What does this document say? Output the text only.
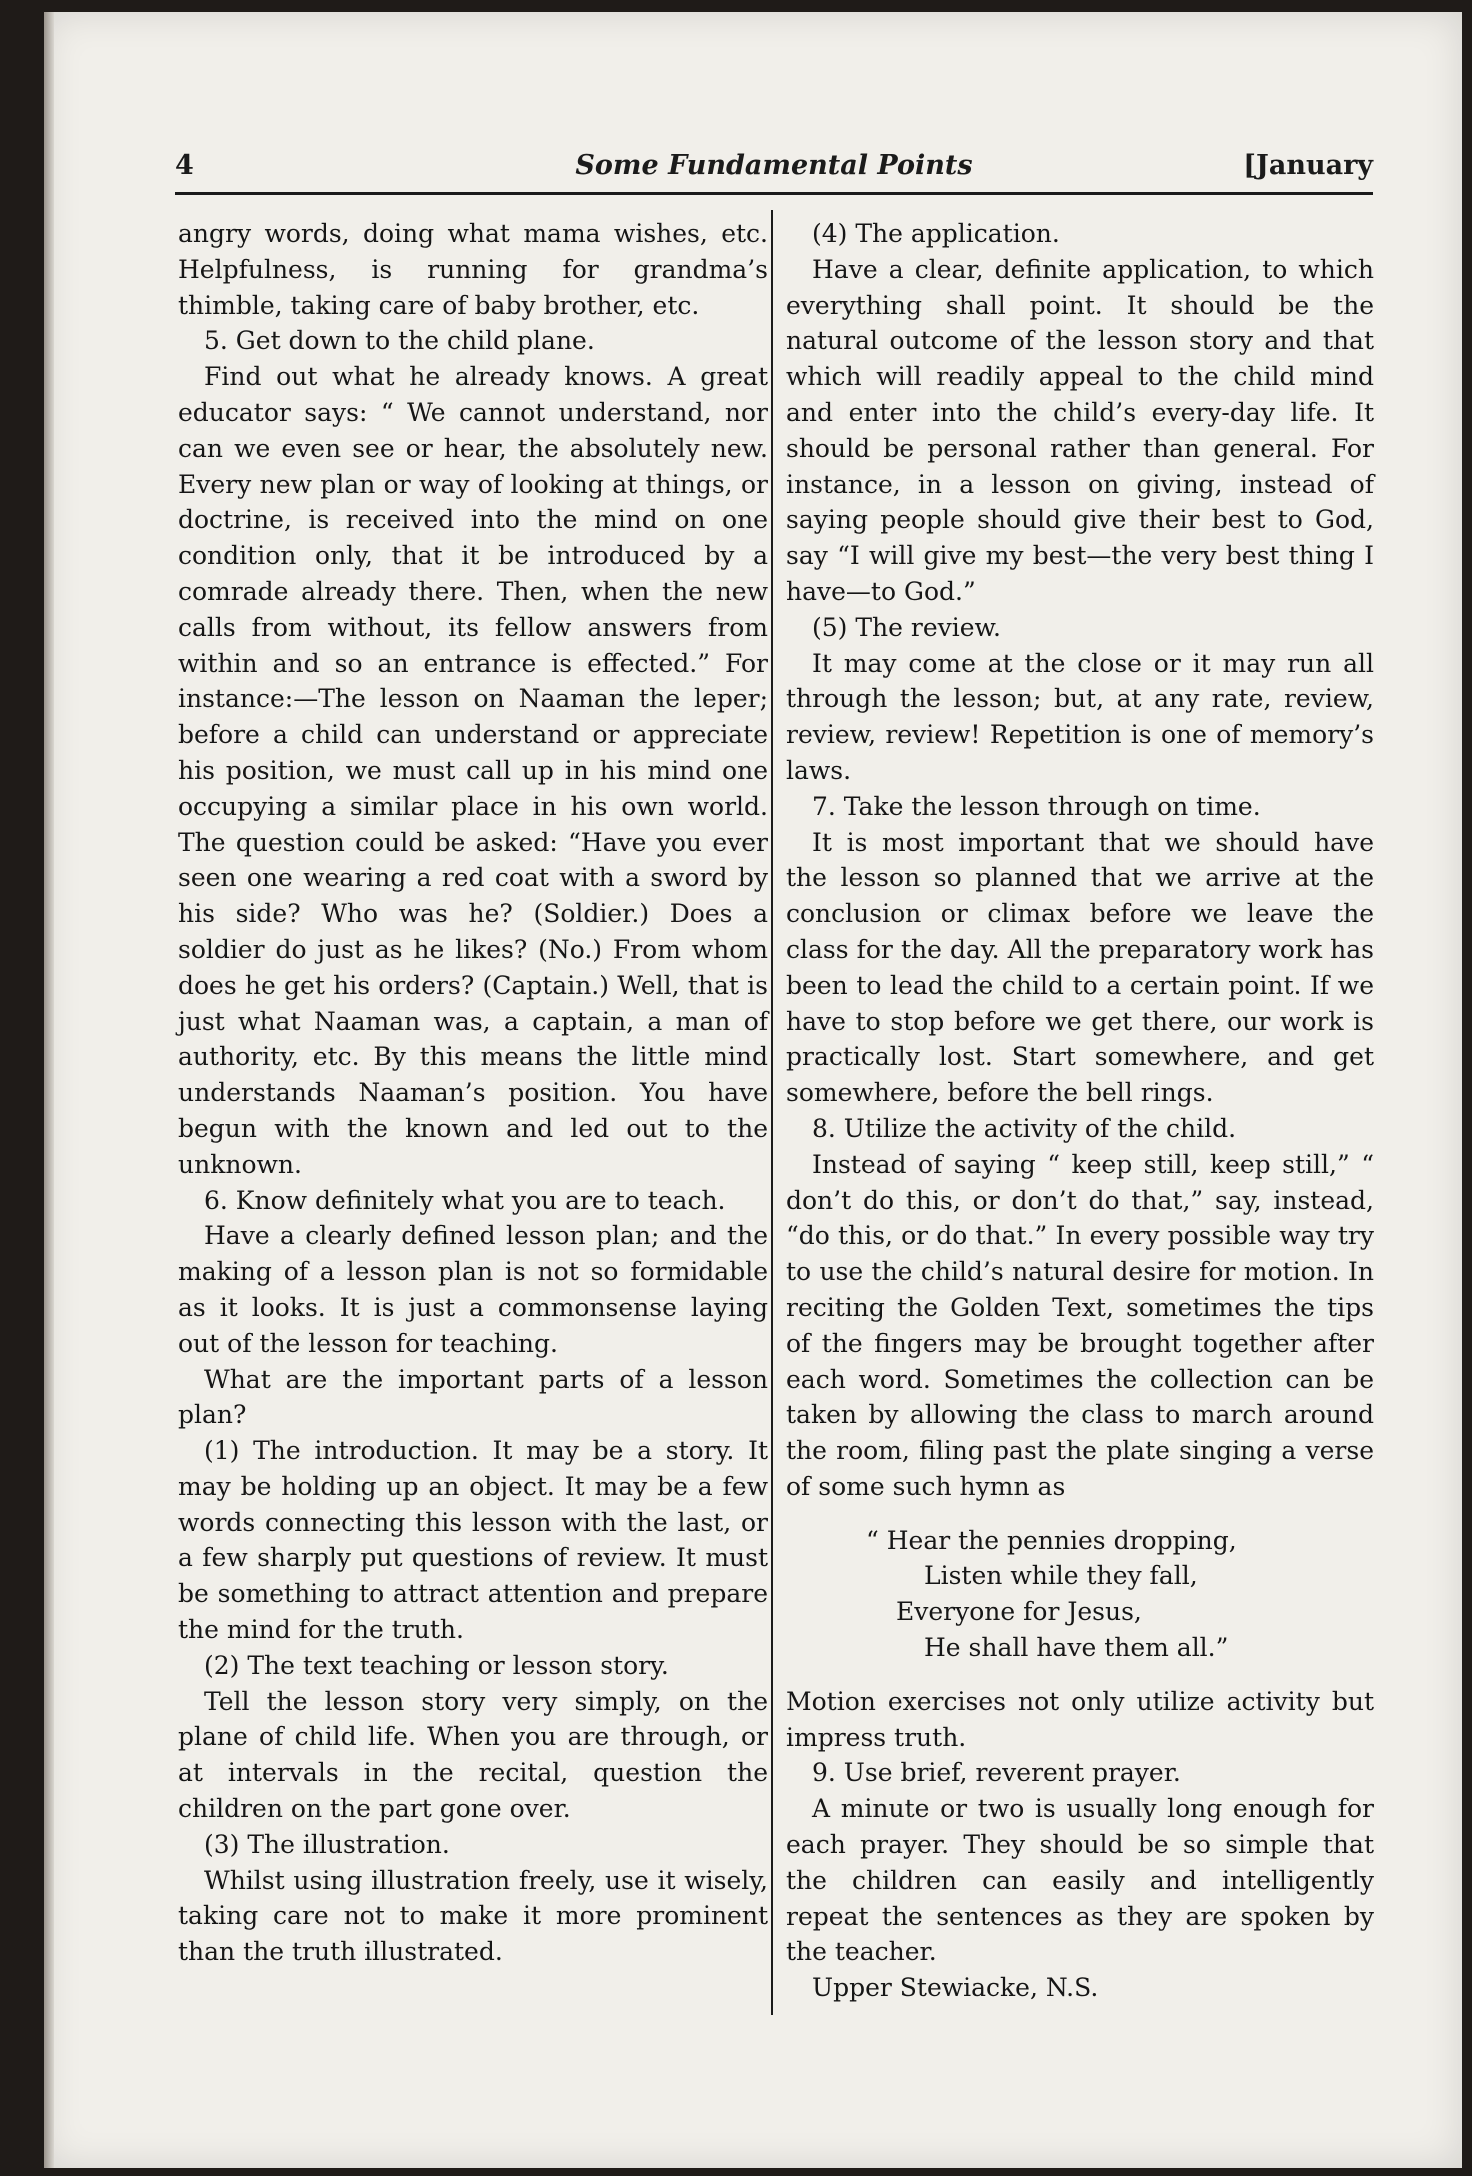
4	Some Fundamental Points	[January

angry words, doing what mama wishes, etc. Helpfulness, is running for grandma’s thimble, taking care of baby brother, etc.

5. Get down to the child plane.

Find out what he already knows. A great educator says: “ We cannot understand, nor can we even see or hear, the absolutely new. Every new plan or way of looking at things, or doctrine, is received into the mind on one condition only, that it be introduced by a comrade already there. Then, when the new calls from without, its fellow answers from within and so an entrance is effected.” For instance:—The lesson on Naaman the leper; before a child can understand or appreciate his position, we must call up in his mind one occupying a similar place in his own world. The question could be asked: “Have you ever seen one wearing a red coat with a sword by his side? Who was he? (Soldier.) Does a soldier do just as he likes? (No.) From whom does he get his orders? (Captain.) Well, that is just what Naaman was, a captain, a man of authority, etc. By this means the little mind understands Naaman’s position. You have begun with the known and led out to the unknown.

6. Know definitely what you are to teach.

Have a clearly defined lesson plan; and the making of a lesson plan is not so formidable as it looks. It is just a commonsense laying out of the lesson for teaching.

What are the important parts of a lesson plan?

(1) The introduction. It may be a story. It may be holding up an object. It may be a few words connecting this lesson with the last, or a few sharply put questions of review. It must be something to attract attention and prepare the mind for the truth.

(2) The text teaching or lesson story.

Tell the lesson story very simply, on the plane of child life. When you are through, or at intervals in the recital, question the children on the part gone over.

(3) The illustration.

Whilst using illustration freely, use it wisely, taking care not to make it more prominent than the truth illustrated.

(4) The application.

Have a clear, definite application, to which everything shall point. It should be the natural outcome of the lesson story and that which will readily appeal to the child mind and enter into the child’s every-day life. It should be personal rather than general. For instance, in a lesson on giving, instead of saying people should give their best to God, say “I will give my best—the very best thing I have—to God.”

(5) The review.

It may come at the close or it may run all through the lesson; but, at any rate, review, review, review! Repetition is one of memory’s laws.

7. Take the lesson through on time.

It is most important that we should have the lesson so planned that we arrive at the conclusion or climax before we leave the class for the day. All the preparatory work has been to lead the child to a certain point. If we have to stop before we get there, our work is practically lost. Start somewhere, and get somewhere, before the bell rings.

8. Utilize the activity of the child.

Instead of saying “ keep still, keep still,” “ don’t do this, or don’t do that,” say, instead, “do this, or do that.” In every possible way try to use the child’s natural desire for motion. In reciting the Golden Text, sometimes the tips of the fingers may be brought together after each word. Sometimes the collection can be taken by allowing the class to march around the room, filing past the plate singing a verse of some such hymn as

“ Hear the pennies dropping,
Listen while they fall,
Everyone for Jesus,
He shall have them all.”

Motion exercises not only utilize activity but impress truth.

9. Use brief, reverent prayer.

A minute or two is usually long enough for each prayer. They should be so simple that the children can easily and intelligently repeat the sentences as they are spoken by the teacher.

Upper Stewiacke, N.S.
